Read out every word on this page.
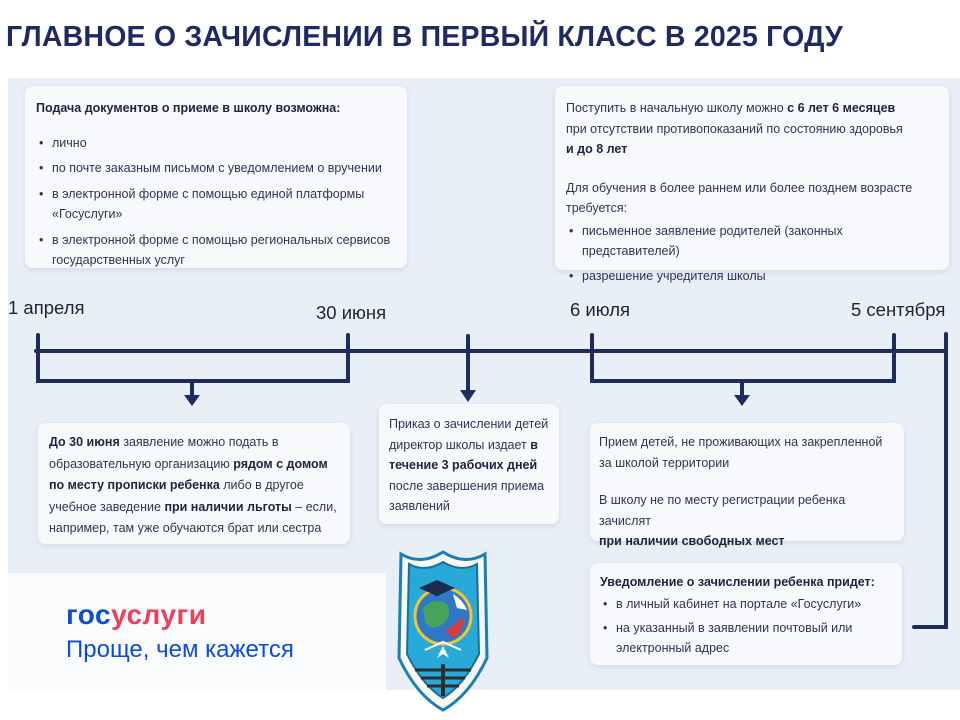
ГЛАВНОЕ О ЗАЧИСЛЕНИИ В ПЕРВЫЙ КЛАСС В 2025 ГОДУ
1 апреля	30 июня	6 июля	5 сентября

Подача документов о приеме в школу возможна:

• лично
• по почте заказным письмом с уведомлением о вручении
• в электронной форме с помощью единой платформы «Госуслуги»
• в электронной форме с помощью региональных сервисов государственных услуг

Поступить в начальную школу можно с 6 лет 6 месяцев
при отсутствии противопоказаний по состоянию здоровья
и до 8 лет

Для обучения в более раннем или более позднем возрасте требуется:

• письменное заявление родителей (законных представителей)
• разрешение учредителя школы

До 30 июня заявление можно подать в образовательную организацию рядом с домом по месту прописки ребенка либо в другое учебное заведение при наличии льготы – если, например, там уже обучаются брат или сестра

Приказ о зачислении детей директор школы издает в течение 3 рабочих дней после завершения приема заявлений

Прием детей, не проживающих на закрепленной за школой территории

В школу не по месту регистрации ребенка зачислят
при наличии свободных мест

Уведомление о зачислении ребенка придет:

• в личный кабинет на портале «Госуслуги»
• на указанный в заявлении почтовый или электронный адрес
госуслуги
Проще, чем кажется
